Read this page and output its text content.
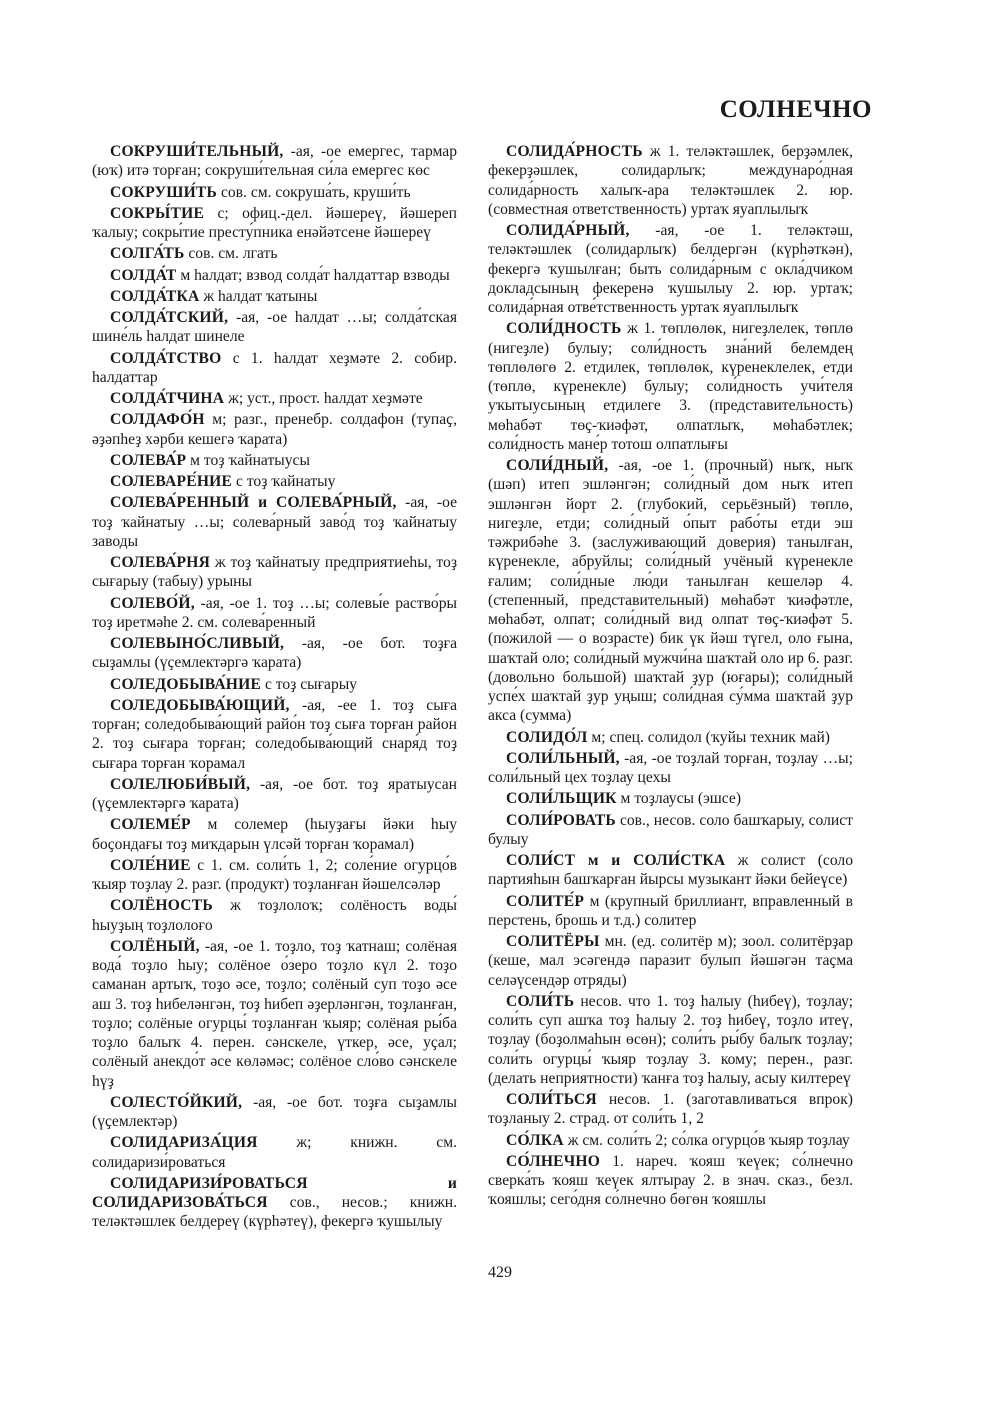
СОЛНЕЧНО

СОКРУШИ́ТЕЛЬНЫЙ, -ая, -ое емергес, тармар (юҡ) итә торған; сокруши́тельная си́ла емергес көс

СОКРУШИ́ТЬ сов. см. сокруша́ть, круши́ть

СОКРЫ́ТИЕ с; офиц.-дел. йәшереү, йәшереп ҡалыу; сокры́тие престу́пника енәйәтсене йәшереү

СОЛГА́ТЬ сов. см. лгать

СОЛДА́Т м һалдат; взвод солда́т һалдаттар взводы

СОЛДА́ТКА ж һалдат ҡатыны

СОЛДА́ТСКИЙ, -ая, -ое һалдат …ы; солда́тская шине́ль һалдат шинеле

СОЛДА́ТСТВО с 1. һалдат хеҙмәте 2. собир. һалдаттар

СОЛДА́ТЧИНА ж; уст., прост. һалдат хеҙмәте

СОЛДАФО́Н м; разг., пренебр. солдафон (тупаҫ, әҙәпһеҙ хәрби кешегә ҡарата)

СОЛЕВА́Р м тоҙ ҡайнатыусы

СОЛЕВАРЕ́НИЕ с тоҙ ҡайнатыу

СОЛЕВА́РЕННЫЙ и СОЛЕВА́РНЫЙ, -ая, -ое тоҙ ҡайнатыу …ы; солева́рный заво́д тоҙ ҡайнатыу заводы

СОЛЕВА́РНЯ ж тоҙ ҡайнатыу предприятиеһы, тоҙ сығарыу (табыу) урыны

СОЛЕВО́Й, -ая, -ое 1. тоҙ …ы; солевы́е раство́ры тоҙ иретмәһе 2. см. солева́ренный

СОЛЕВЫНО́СЛИВЫЙ, -ая, -ое бот. тоҙға сыҙамлы (үҫемлектәргә ҡарата)

СОЛЕДОБЫВА́НИЕ с тоҙ сығарыу

СОЛЕДОБЫВА́ЮЩИЙ, -ая, -ее 1. тоҙ сыға торған; соледобыва́ющий райо́н тоҙ сыға торған район 2. тоҙ сығара торған; соледобыва́ющий снаря́д тоҙ сығара торған ҡорамал

СОЛЕЛЮБИ́ВЫЙ, -ая, -ое бот. тоҙ яратыусан (үҫемлектәргә ҡарата)

СОЛЕМЕ́Р м солемер (һыуҙағы йәки һыу боҫондағы тоҙ миҡдарын үлсәй торған ҡорамал)

СОЛЕ́НИЕ с 1. см. соли́ть 1, 2; соле́ние огурцо́в ҡыяр тоҙлау 2. разг. (продукт) тоҙланған йәшелсәләр

СОЛЁНОСТЬ ж тоҙлолоҡ; солёность воды́ һыуҙың тоҙлолоғо

СОЛЁНЫЙ, -ая, -ое 1. тоҙло, тоҙ ҡатнаш; солёная вода́ тоҙло һыу; солёное о́зеро тоҙло күл 2. тоҙо саманан артыҡ, тоҙо әсе, тоҙло; солёный суп тоҙо әсе аш 3. тоҙ һибеләнгән, тоҙ һибеп әҙерләнгән, тоҙланған, тоҙло; солёные огурцы́ тоҙланған ҡыяр; солёная ры́ба тоҙло балыҡ 4. перен. сәнскеле, үткер, әсе, уҫал; солёный анекдо́т әсе көләмәс; солёное сло́во сәнскеле һүҙ

СОЛЕСТО́ЙКИЙ, -ая, -ое бот. тоҙға сыҙамлы (үҫемлектәр)

СОЛИДАРИЗА́ЦИЯ ж; книжн. см. солидаризи́роваться

СОЛИДАРИЗИ́РОВАТЬСЯ и СОЛИДАРИЗОВА́ТЬСЯ сов., несов.; книжн. теләктәшлек белдереү (күрһәтеү), фекергә ҡушылыу

СОЛИДА́РНОСТЬ ж 1. теләктәшлек, берҙәмлек, фекерҙәшлек, солидарлыҡ; междунаро́дная солида́рность халыҡ-ара теләктәшлек 2. юр. (совместная ответственность) уртаҡ яуаплылыҡ

СОЛИДА́РНЫЙ, -ая, -ое 1. теләктәш, теләктәшлек (солидарлыҡ) белдергән (күрһәткән), фекергә ҡушылған; быть солида́рным с окла́дчиком докладсының фекеренә ҡушылыу 2. юр. уртаҡ; солида́рная отве́тственность уртаҡ яуаплылыҡ

СОЛИ́ДНОСТЬ ж 1. төплөлөк, нигеҙлелек, төплө (нигеҙле) булыу; соли́дность зна́ний белемдең төплөлөгө 2. етдилек, төплөлөк, күренеклелек, етди (төплө, күренекле) булыу; соли́дность учи́теля уҡытыусының етдилеге 3. (представительность) мөһабәт төҫ-ҡиәфәт, олпатлыҡ, мөһабәтлек; соли́дность мане́р тотош олпатлығы

СОЛИ́ДНЫЙ, -ая, -ое 1. (прочный) ныҡ, ныҡ (шәп) итеп эшләнгән; соли́дный дом ныҡ итеп эшләнгән йорт 2. (глубокий, серьёзный) төплө, нигеҙле, етди; соли́дный о́пыт рабо́ты етди эш тәжрибәһе 3. (заслуживающий доверия) танылған, күренекле, абруйлы; соли́дный учёный күренекле ғалим; соли́дные лю́ди танылған кешеләр 4. (степенный, представительный) мөһабәт ҡиәфәтле, мөһабәт, олпат; соли́дный вид олпат төҫ-ҡиәфәт 5. (пожилой — о возрасте) бик үк йәш түгел, оло ғына, шаҡтай оло; соли́дный мужчи́на шаҡтай оло ир 6. разг. (довольно большой) шаҡтай ҙур (юғары); соли́дный успе́х шаҡтай ҙур уңыш; соли́дная су́мма шаҡтай ҙур акса (сумма)

СОЛИДО́Л м; спец. солидол (ҡуйы техник май)

СОЛИ́ЛЬНЫЙ, -ая, -ое тоҙлай торған, тоҙлау …ы; соли́льный цех тоҙлау цехы

СОЛИ́ЛЬЩИК м тоҙлаусы (эшсе)

СОЛИ́РОВАТЬ сов., несов. соло башҡарыу, солист булыу

СОЛИ́СТ м и СОЛИ́СТКА ж солист (соло партияһын башҡарған йырсы музыкант йәки бейеүсе)

СОЛИТЕ́Р м (крупный бриллиант, вправленный в перстень, брошь и т.д.) солитер

СОЛИТЁРЫ мн. (ед. солитёр м); зоол. солитёрҙар (кеше, мал эсәгендә паразит булып йәшәгән таҫма селәүсендәр отряды)

СОЛИ́ТЬ несов. что 1. тоҙ һалыу (һибеү), тоҙлау; соли́ть суп ашҡа тоҙ һалыу 2. тоҙ һибеү, тоҙло итеү, тоҙлау (боҙолмаһын өсөн); соли́ть ры́бу балыҡ тоҙлау; соли́ть огурцы́ ҡыяр тоҙлау 3. кому; перен., разг. (делать неприятности) ҡанға тоҙ һалыу, асыу килтереү

СОЛИ́ТЬСЯ несов. 1. (заготавливаться впрок) тоҙланыу 2. страд. от соли́ть 1, 2

СО́ЛКА ж см. соли́ть 2; со́лка огурцо́в ҡыяр тоҙлау

СО́ЛНЕЧНО 1. нареч. ҡояш ҡеүек; со́лнечно сверка́ть ҡояш ҡеүек ялтырау 2. в знач. сказ., безл. ҡояшлы; сего́дня со́лнечно бөгөн ҡояшлы

429
